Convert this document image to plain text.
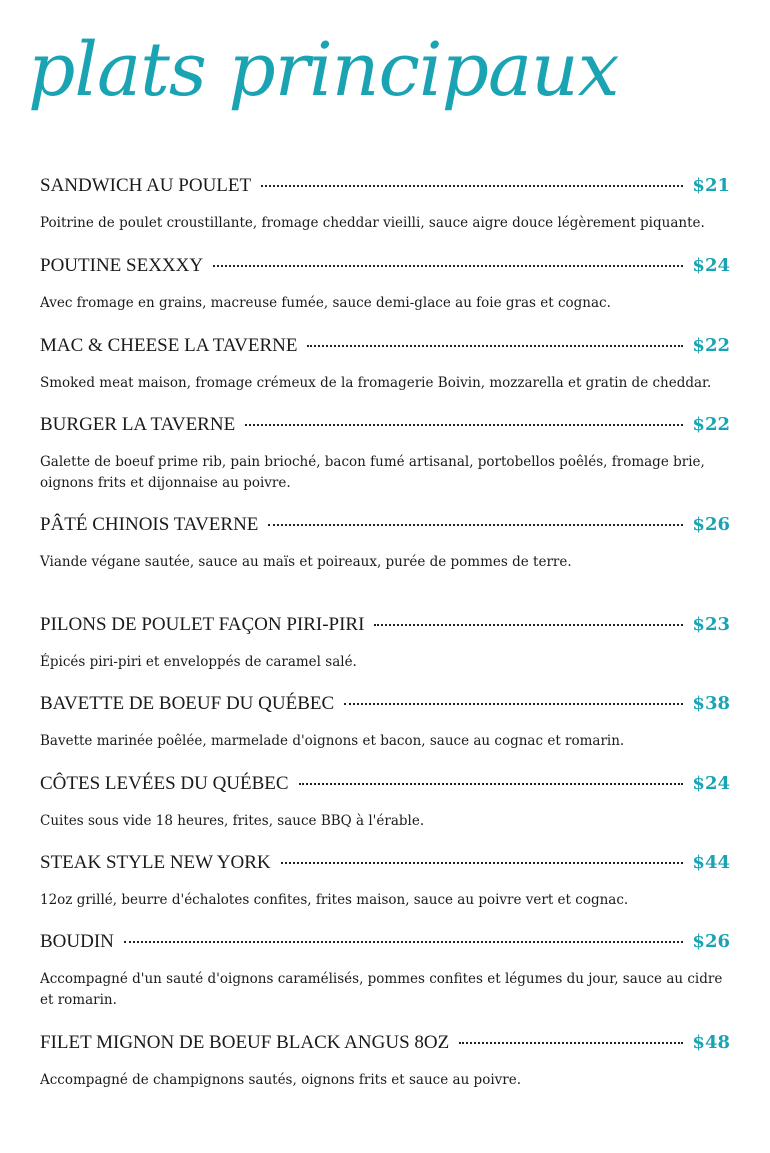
plats principaux
SANDWICH AU POULET	$21

Poitrine de poulet croustillante, fromage cheddar vieilli, sauce aigre douce légèrement piquante.

POUTINE SEXXXY	$24

Avec fromage en grains, macreuse fumée, sauce demi-glace au foie gras et cognac.

MAC & CHEESE LA TAVERNE	$22

Smoked meat maison, fromage crémeux de la fromagerie Boivin, mozzarella et gratin de cheddar.

BURGER LA TAVERNE	$22

Galette de boeuf prime rib, pain brioché, bacon fumé artisanal, portobellos poêlés, fromage brie, oignons frits et dijonnaise au poivre.

PÂTÉ CHINOIS TAVERNE	$26

Viande végane sautée, sauce au maïs et poireaux, purée de pommes de terre.

PILONS DE POULET FAÇON PIRI-PIRI	$23

Épicés piri-piri et enveloppés de caramel salé.

BAVETTE DE BOEUF DU QUÉBEC	$38

Bavette marinée poêlée, marmelade d'oignons et bacon, sauce au cognac et romarin.

CÔTES LEVÉES DU QUÉBEC	$24

Cuites sous vide 18 heures, frites, sauce BBQ à l'érable.

STEAK STYLE NEW YORK	$44

12oz grillé, beurre d'échalotes confites, frites maison, sauce au poivre vert et cognac.

BOUDIN	$26

Accompagné d'un sauté d'oignons caramélisés, pommes confites et légumes du jour, sauce au cidre et romarin.

FILET MIGNON DE BOEUF BLACK ANGUS 8OZ	$48

Accompagné de champignons sautés, oignons frits et sauce au poivre.
